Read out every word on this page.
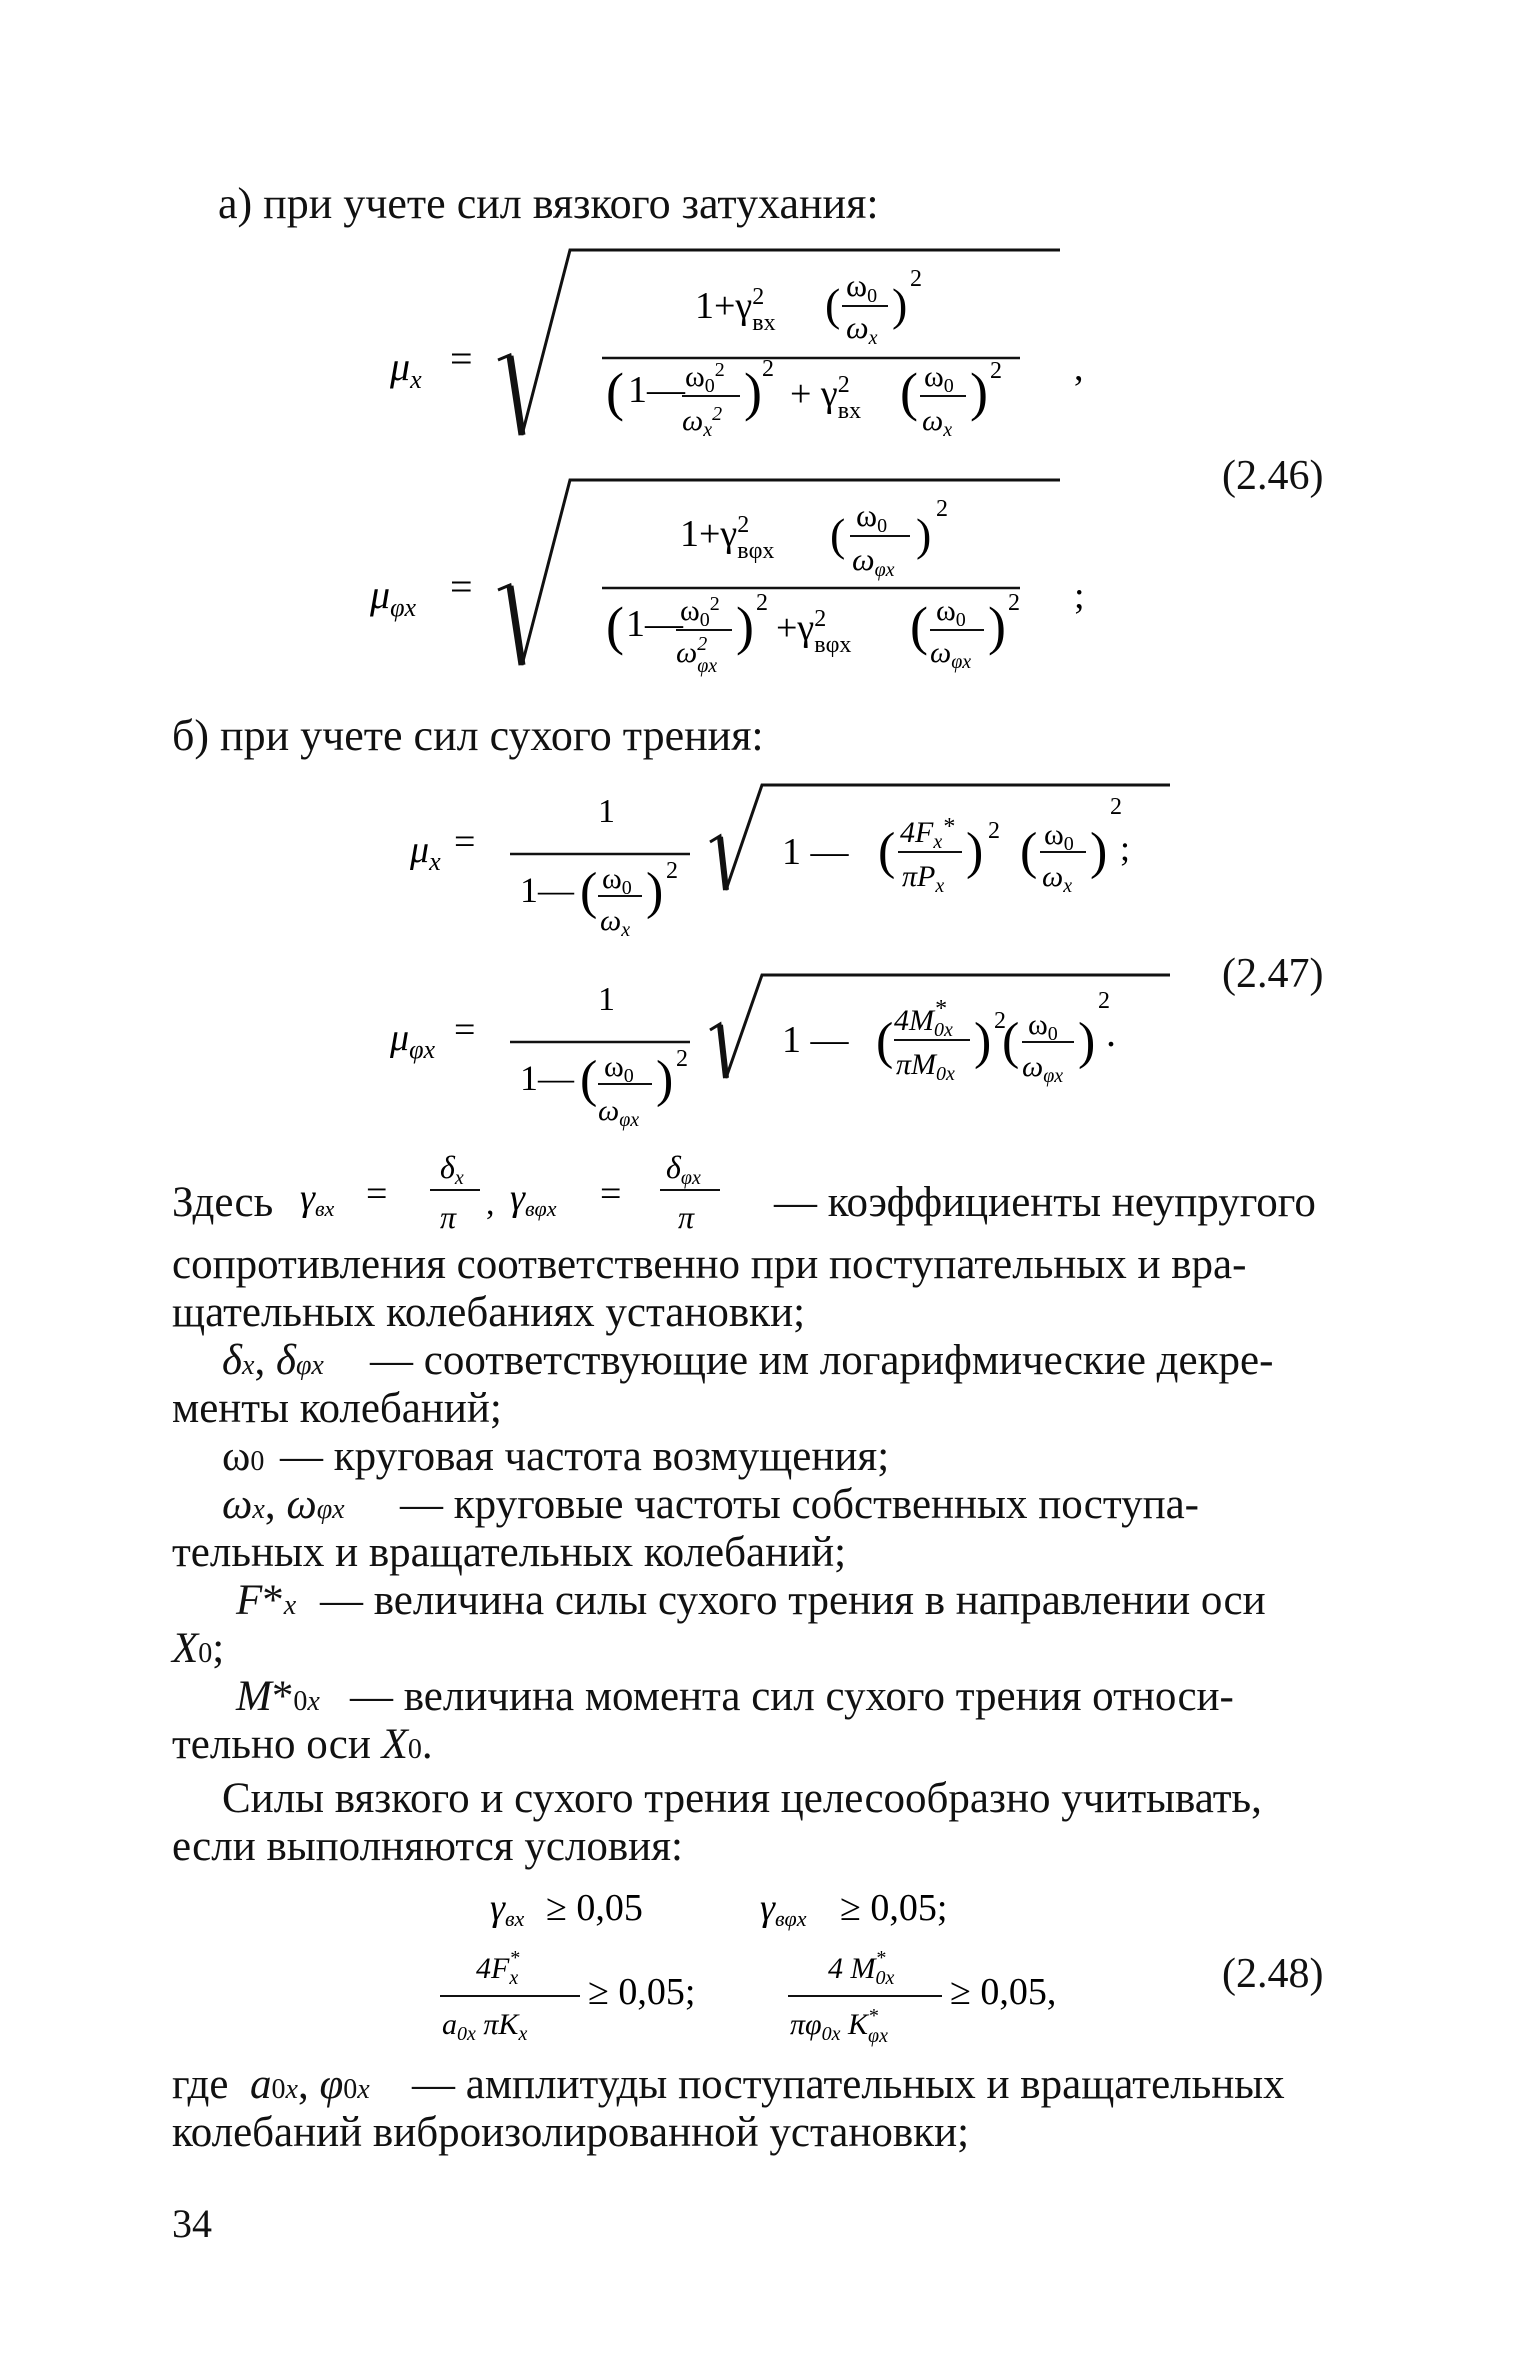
а) при учете сил вязкого затухания:
$\mu_x$ =
$1+\gamma^2$ вx ( ω0
ωx
) 2
( 1— $\omega_0^2$
$\omega_x^2$ ) 2
+ $\gamma^2$ вx ( $\omega_0$
$\omega_x$
) 2 ,
$\mu_{\varphi x}$ =
$1+\gamma^2$ вφx ( ω0
ωφx
) 2
( 1—
$\omega_0^2$
$\omega^2$ φx
) 2
$+\gamma^2$ вφx ( $\omega_0$
$\omega_{\varphi x}$
) 2 ;
(2.46)
б) при учете сил сухого трения:
$\mu_x$ =
1
1— ( $\omega_0$
$\omega_x$
) 2	1 — ( $4F_x^*$
$\pi P_x$
) 2 ( $\omega_0$
$\omega_x$
)
2
;
$\mu_{\varphi x}$ =
1
1— ( $\omega_0$
$\omega_{\varphi x}$
) 2 1 — ( 4M* 0x
$\pi M_{0x}$
) 2
( $\omega_0$
$\omega_{\varphi x}$
)
2
.
(2.47)
Здесь γвx =
δx
π , γвφx =
δφx
π — коэффициенты неупругого
сопротивления соответственно при поступательных и вра-
щательных колебаниях установки;
δx, δφx — соответствующие им логарифмические декре-
менты колебаний;
ω0 — круговая частота возмущения;
ωx, ωφx — круговые частоты собственных поступа-
тельных и вращательных колебаний;
F*x — величина силы сухого трения в направлении оси
X0;
M*0x — величина момента сил сухого трения относи-
тельно оси X0.
Силы вязкого и сухого трения целесообразно учитывать,
если выполняются условия:
γвx ≥ 0,05	γвφx ≥ 0,05;
4F* x
$a_{0x}$ $\pi K_x$
≥ 0,05;
4 M* 0x
$\pi\varphi_{0x}$ K* φx
≥ 0,05,	(2.48)
где a0x, φ0x — амплитуды поступательных и вращательных
колебаний виброизолированной установки;
34
